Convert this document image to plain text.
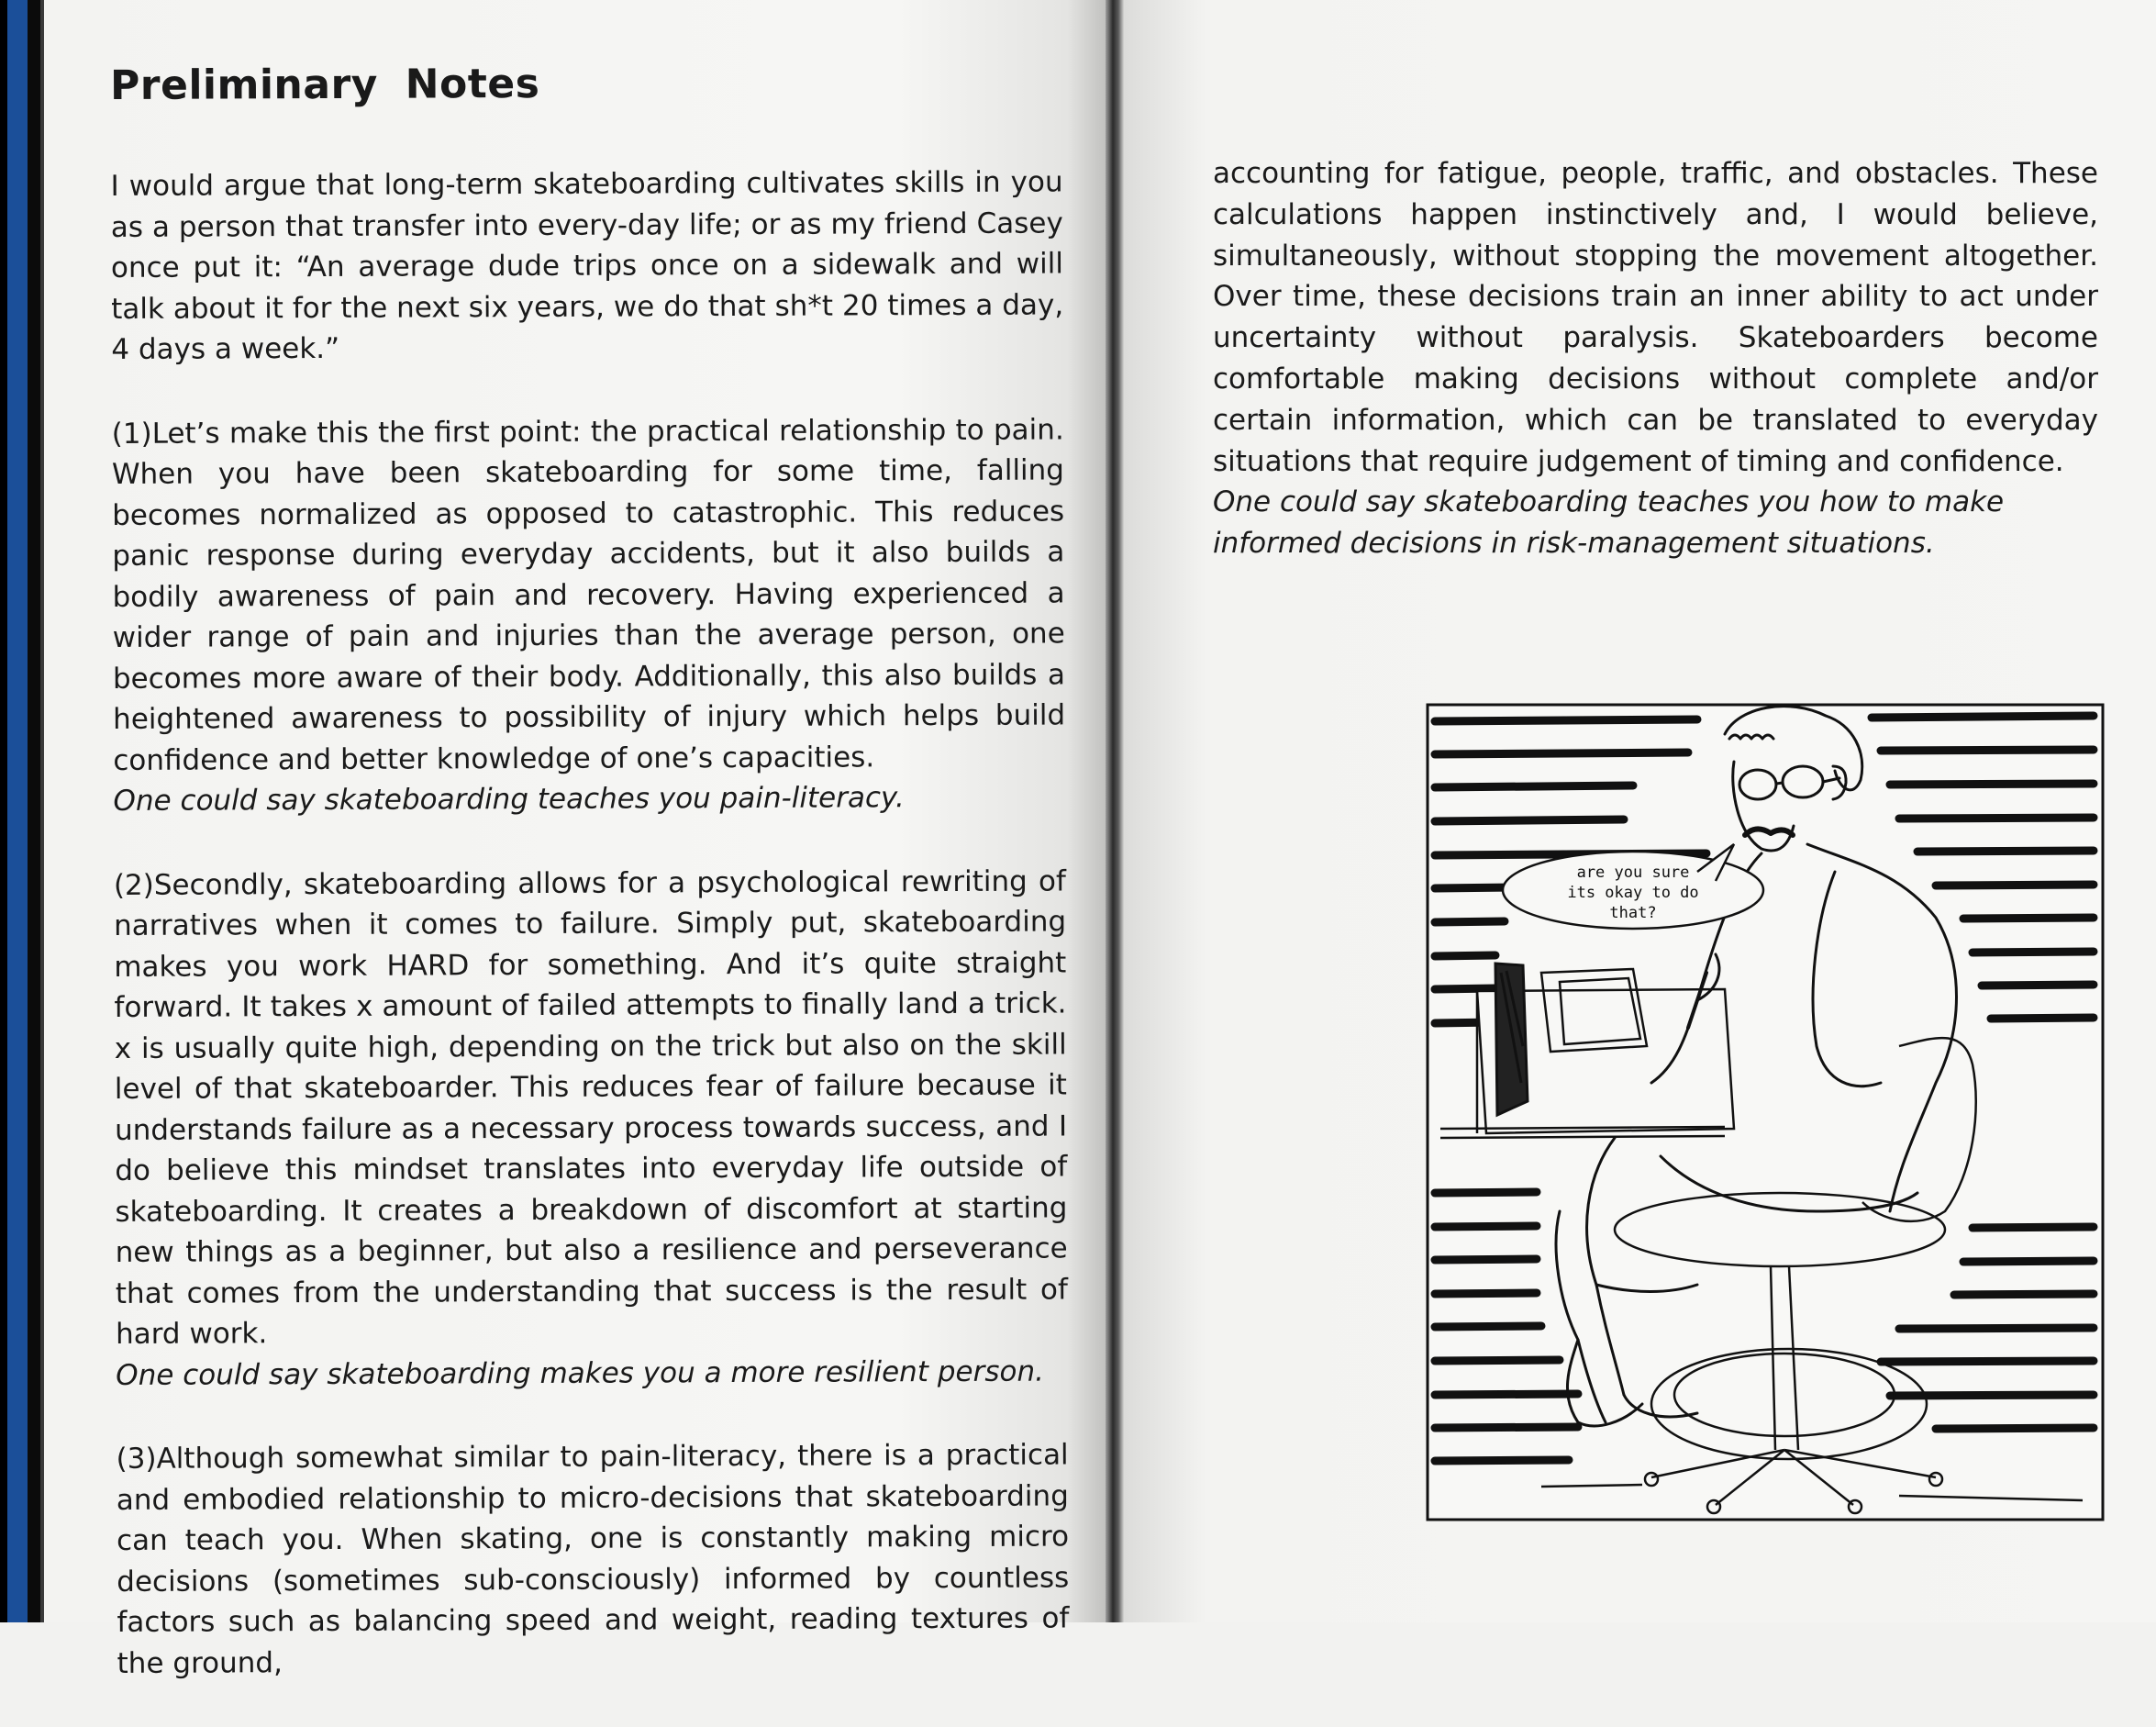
Preliminary Notes

I would argue that long-term skateboarding cultivates skills in you as a person that transfer into every-day life; or as my friend Casey once put it: “An average dude trips once on a sidewalk and will talk about it for the next six years, we do that sh*t 20 times a day, 4 days a week.”

(1)Let’s make this the first point: the practical relationship to pain. When you have been skateboarding for some time, falling becomes normalized as opposed to catastrophic. This reduces panic response during everyday accidents, but it also builds a bodily awareness of pain and recovery. Having experienced a wider range of pain and injuries than the average person, one becomes more aware of their body. Additionally, this also builds a heightened awareness to possibility of injury which helps build confidence and better knowledge of one’s capacities.
One could say skateboarding teaches you pain-literacy.

(2)Secondly, skateboarding allows for a psychological rewriting of narratives when it comes to failure. Simply put, skateboarding makes you work HARD for something. And it’s quite straight forward. It takes x amount of failed attempts to finally land a trick. x is usually quite high, depending on the trick but also on the skill level of that skateboarder. This reduces fear of failure because it understands failure as a necessary process towards success, and I do believe this mindset translates into everyday life outside of skateboarding. It creates a breakdown of discomfort at starting new things as a beginner, but also a resilience and perseverance that comes from the understanding that success is the result of hard work.
One could say skateboarding makes you a more resilient person.

(3)Although somewhat similar to pain-literacy, there is a practical and embodied relationship to micro-decisions that skateboarding can teach you. When skating, one is constantly making micro decisions (sometimes sub-consciously) informed by countless factors such as balancing speed and weight, reading textures of the ground,

accounting for fatigue, people, traffic, and obstacles. These calculations happen instinctively and, I would believe, simultaneously, without stopping the movement altogether. Over time, these decisions train an inner ability to act under uncertainty without paralysis. Skateboarders become comfortable making decisions without complete and/or certain information, which can be translated to everyday situations that require judgement of timing and confidence.
One could say skateboarding teaches you how to make informed decisions in risk-management situations.

are you sure
its okay to do
that?
